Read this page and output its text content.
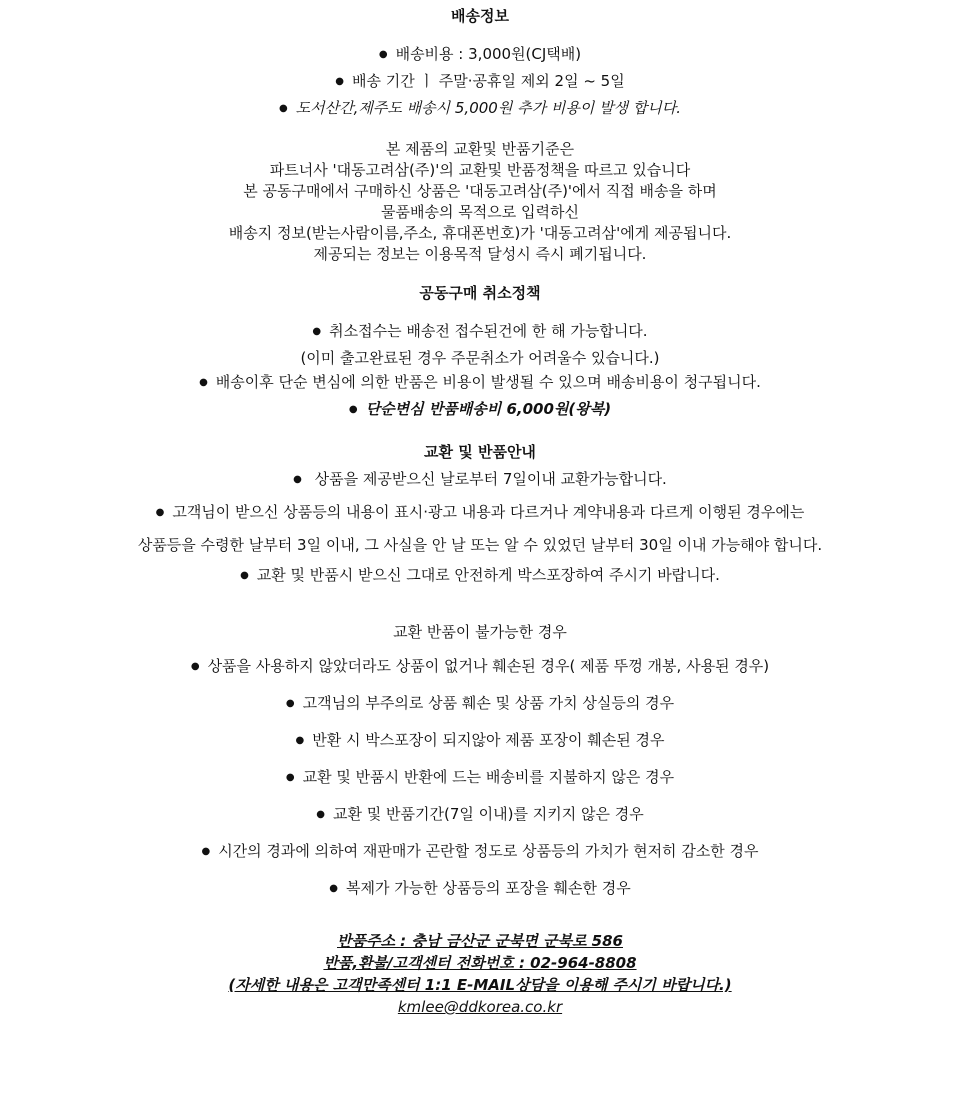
배송정보
● 배송비용 : 3,000원(CJ택배)
● 배송 기간 ㅣ 주말·공휴일 제외 2일 ~ 5일
● 도서산간,제주도 배송시 5,000원 추가 비용이 발생 합니다.
본 제품의 교환및 반품기준은
파트너사 '대동고려삼(주)'의 교환및 반품정책을 따르고 있습니다
본 공동구매에서 구매하신 상품은 '대동고려삼(주)'에서 직접 배송을 하며
물품배송의 목적으로 입력하신
배송지 정보(받는사람이름,주소, 휴대폰번호)가 '대동고려삼'에게 제공됩니다.
제공되는 정보는 이용목적 달성시 즉시 폐기됩니다.
공동구매 취소정책
● 취소접수는 배송전 접수된건에 한 해 가능합니다.
(이미 출고완료된 경우 주문취소가 어려울수 있습니다.)
● 배송이후 단순 변심에 의한 반품은 비용이 발생될 수 있으며 배송비용이 청구됩니다.
● 단순변심 반품배송비 6,000원(왕복)
교환 및 반품안내
● 상품을 제공받으신 날로부터 7일이내 교환가능합니다.
● 고객님이 받으신 상품등의 내용이 표시·광고 내용과 다르거나 계약내용과 다르게 이행된 경우에는
상품등을 수령한 날부터 3일 이내, 그 사실을 안 날 또는 알 수 있었던 날부터 30일 이내 가능해야 합니다.
● 교환 및 반품시 받으신 그대로 안전하게 박스포장하여 주시기 바랍니다.
교환 반품이 불가능한 경우
● 상품을 사용하지 않았더라도 상품이 없거나 훼손된 경우( 제품 뚜껑 개봉, 사용된 경우)
● 고객님의 부주의로 상품 훼손 및 상품 가치 상실등의 경우
● 반환 시 박스포장이 되지않아 제품 포장이 훼손된 경우
● 교환 및 반품시 반환에 드는 배송비를 지불하지 않은 경우
● 교환 및 반품기간(7일 이내)를 지키지 않은 경우
● 시간의 경과에 의하여 재판매가 곤란할 정도로 상품등의 가치가 현저히 감소한 경우
● 복제가 가능한 상품등의 포장을 훼손한 경우
반품주소 : 충남 금산군 군북면 군북로 586
반품,환불/고객센터 전화번호 : 02-964-8808
(자세한 내용은 고객만족센터 1:1 E-MAIL상담을 이용해 주시기 바랍니다.)
kmlee@ddkorea.co.kr
